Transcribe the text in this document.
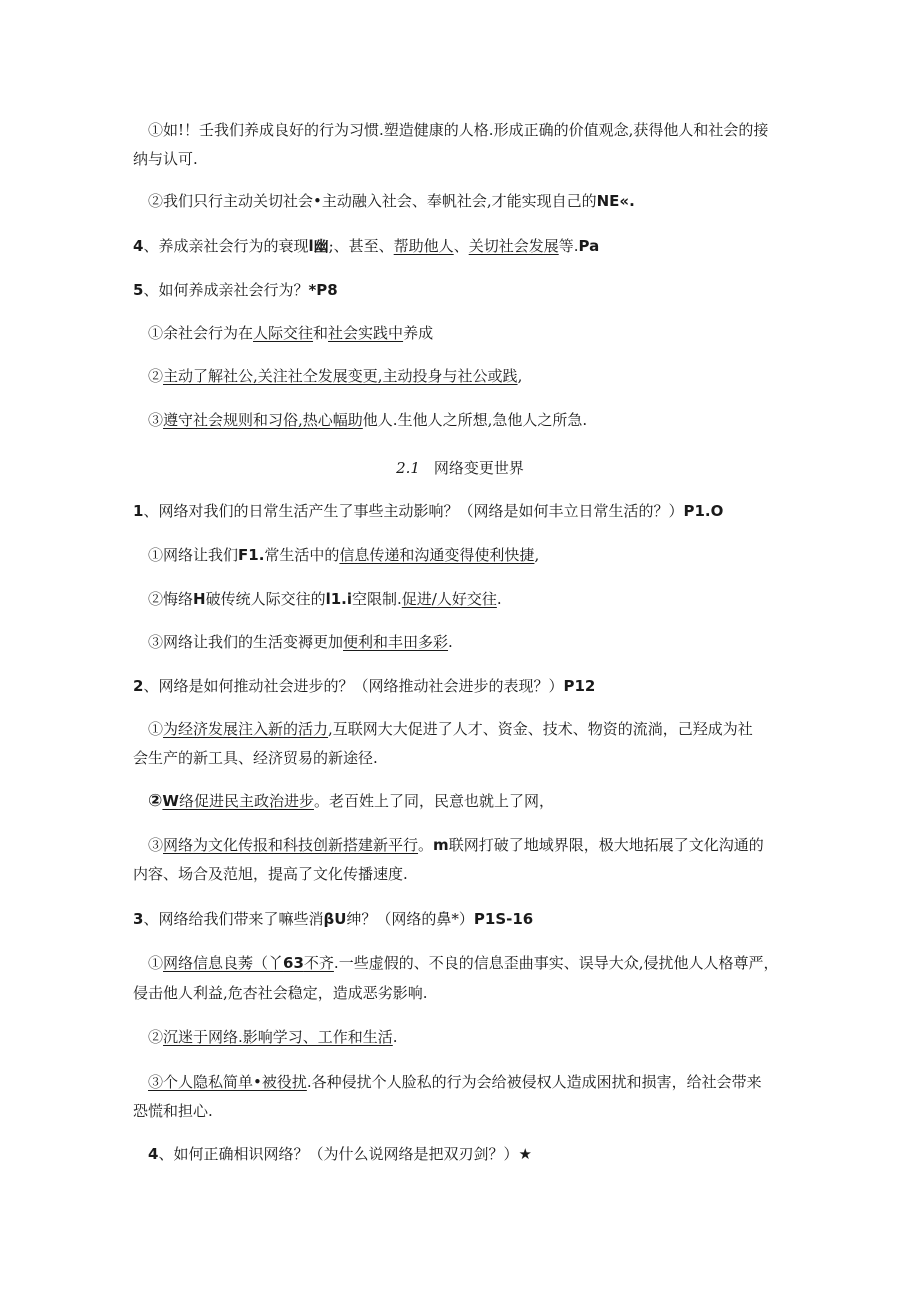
①如!！壬我们养成良好的行为习惯.塑造健康的人格.形成正确的价值观念,获得他人和社会的接
纳与认可.
②我们只行主动关切社会•主动融入社会、奉帆社会,才能实现自己的NE«.
4、养成亲社会行为的衰现l幽;、甚至、帮助他人、关切社会发展等.Pa
5、如何养成亲社会行为？*P8
①余社会行为在人际交往和社会实践中养成
②主动了解社公,关注社仝发展变更,主动投身与社公或践,
③遵守社会规则和习俗,热心幅助他人.生他人之所想,急他人之所急.
2.1 网络变更世界
1、网络对我们的日常生活产生了事些主动影响？（网络是如何丰立日常生活的？）P1.O
①网络让我们F1.常生活中的信息传递和沟通变得使利快捷,
②悔络H破传统人际交往的l1.i空限制.促进/人好交往.
③网络让我们的生活变褥更加便利和丰田多彩.
2、网络是如何推动社会进步的？（网络推动社会进步的表现？）P12
①为经济发展注入新的活力,互联网大大促进了人才、资金、技术、物资的流淌，己羟成为社
会生产的新工具、经济贸易的新途径.
②W络促进民主政治进步。老百姓上了同，民意也就上了网，
③网络为文化传报和科技创新搭建新平行。m联网打破了地域界限，极大地拓展了文化沟通的
内容、场合及范旭，提高了文化传播速度.
3、网络给我们带来了嘛些消βU绅？（网络的鼻*）P1S-16
①网络信息良莠（丫63不齐.一些虚假的、不良的信息歪曲事实、误导大众,侵扰他人人格尊严，
侵击他人利益,危杏社会稳定，造成恶劣影响.
②沉迷于网络.影响学习、工作和生活.
③个人隐私简单•被役扰.各种侵扰个人脸私的行为会给被侵权人造成困扰和损害，给社会带来
恐慌和担心.
4、如何正确相识网络？（为什么说网络是把双刃剑？）★
